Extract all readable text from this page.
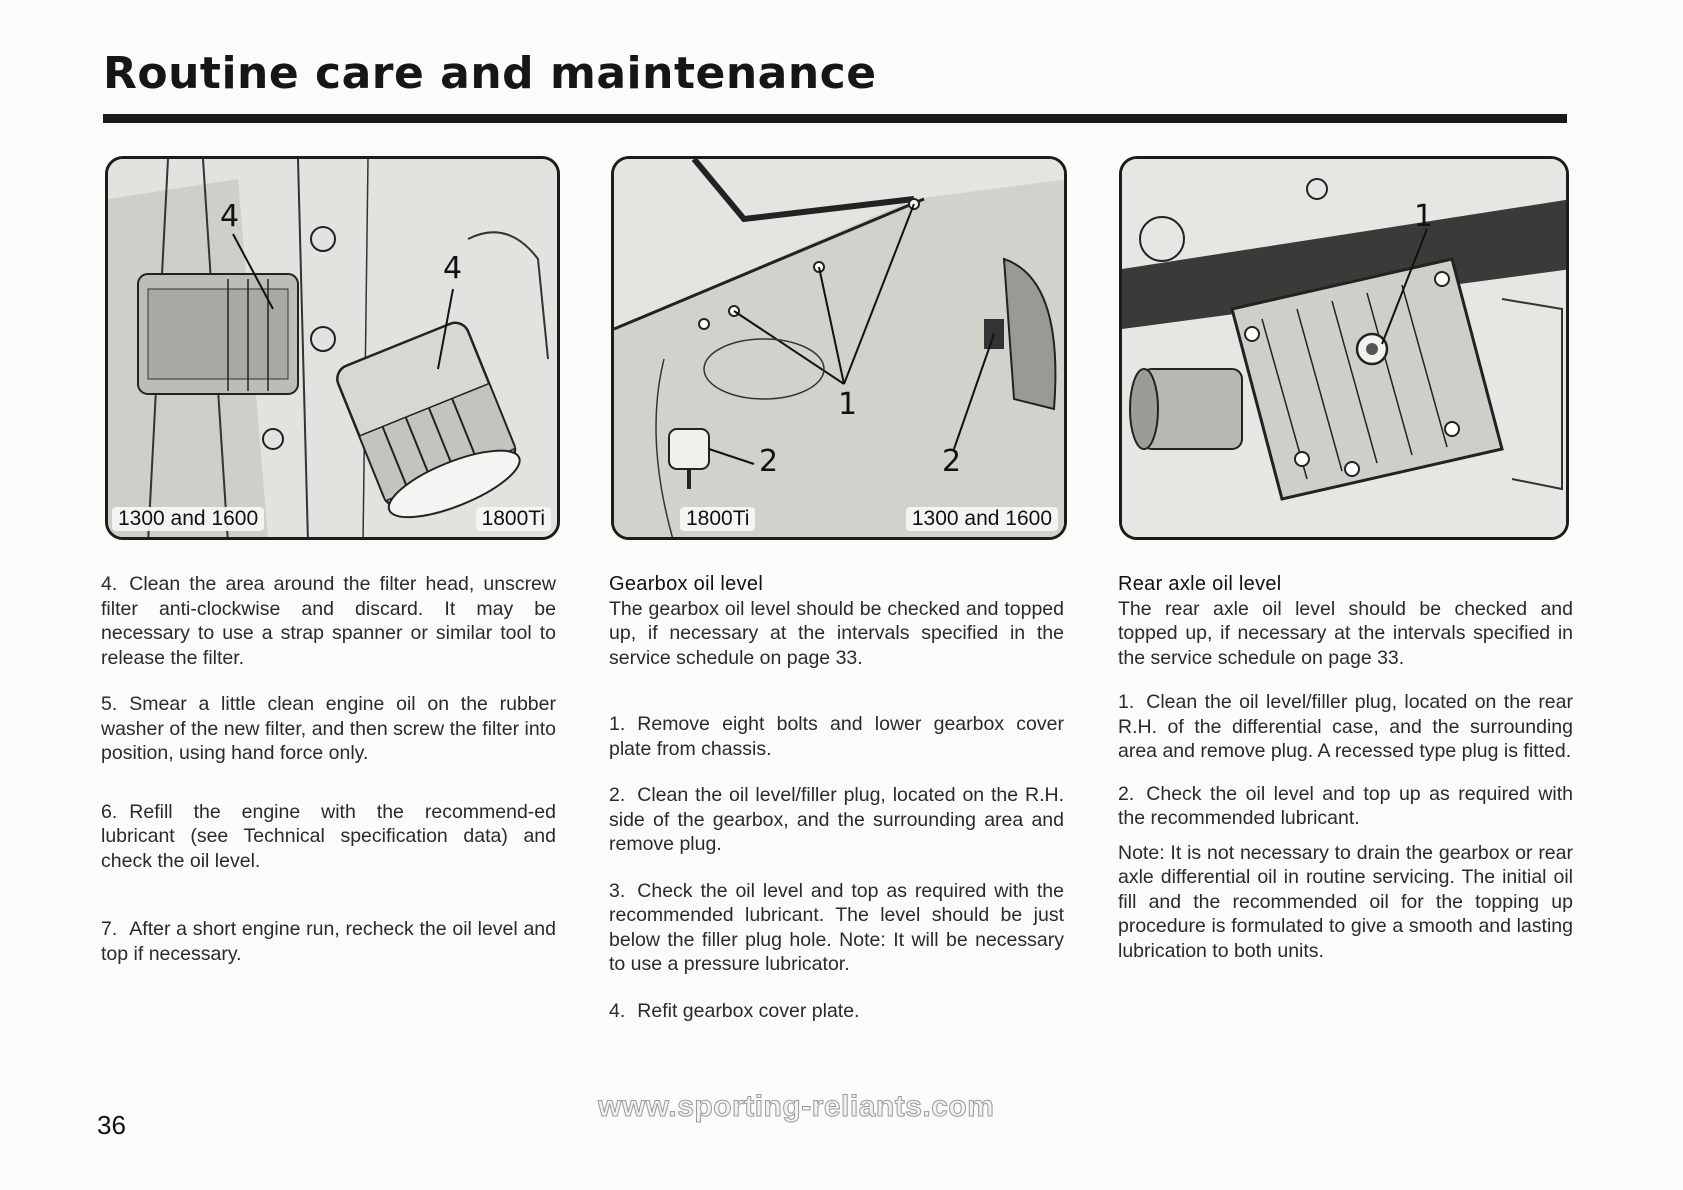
Routine care and maintenance
4
4
1300 and 1600	1800Ti
1
2	2
1800Ti	1300 and 1600
1

4. Clean the area around the filter head, unscrew filter anti-clockwise and discard. It may be necessary to use a strap spanner or similar tool to release the filter.

5. Smear a little clean engine oil on the rubber washer of the new filter, and then screw the filter into position, using hand force only.

6. Refill the engine with the recommend-ed lubricant (see Technical specification data) and check the oil level.

7. After a short engine run, recheck the oil level and top if necessary.

Gearbox oil level

The gearbox oil level should be checked and topped up, if necessary at the intervals specified in the service schedule on page 33.

1. Remove eight bolts and lower gearbox cover plate from chassis.

2. Clean the oil level/filler plug, located on the R.H. side of the gearbox, and the surrounding area and remove plug.

3. Check the oil level and top as required with the recommended lubricant. The level should be just below the filler plug hole. Note: It will be necessary to use a pressure lubricator.

4. Refit gearbox cover plate.

Rear axle oil level

The rear axle oil level should be checked and topped up, if necessary at the intervals specified in the service schedule on page 33.

1. Clean the oil level/filler plug, located on the rear R.H. of the differential case, and the surrounding area and remove plug. A recessed type plug is fitted.

2. Check the oil level and top up as required with the recommended lubricant.

Note: It is not necessary to drain the gearbox or rear axle differential oil in routine servicing. The initial oil fill and the recommended oil for the topping up procedure is formulated to give a smooth and lasting lubrication to both units.

36
www.sporting-reliants.com
